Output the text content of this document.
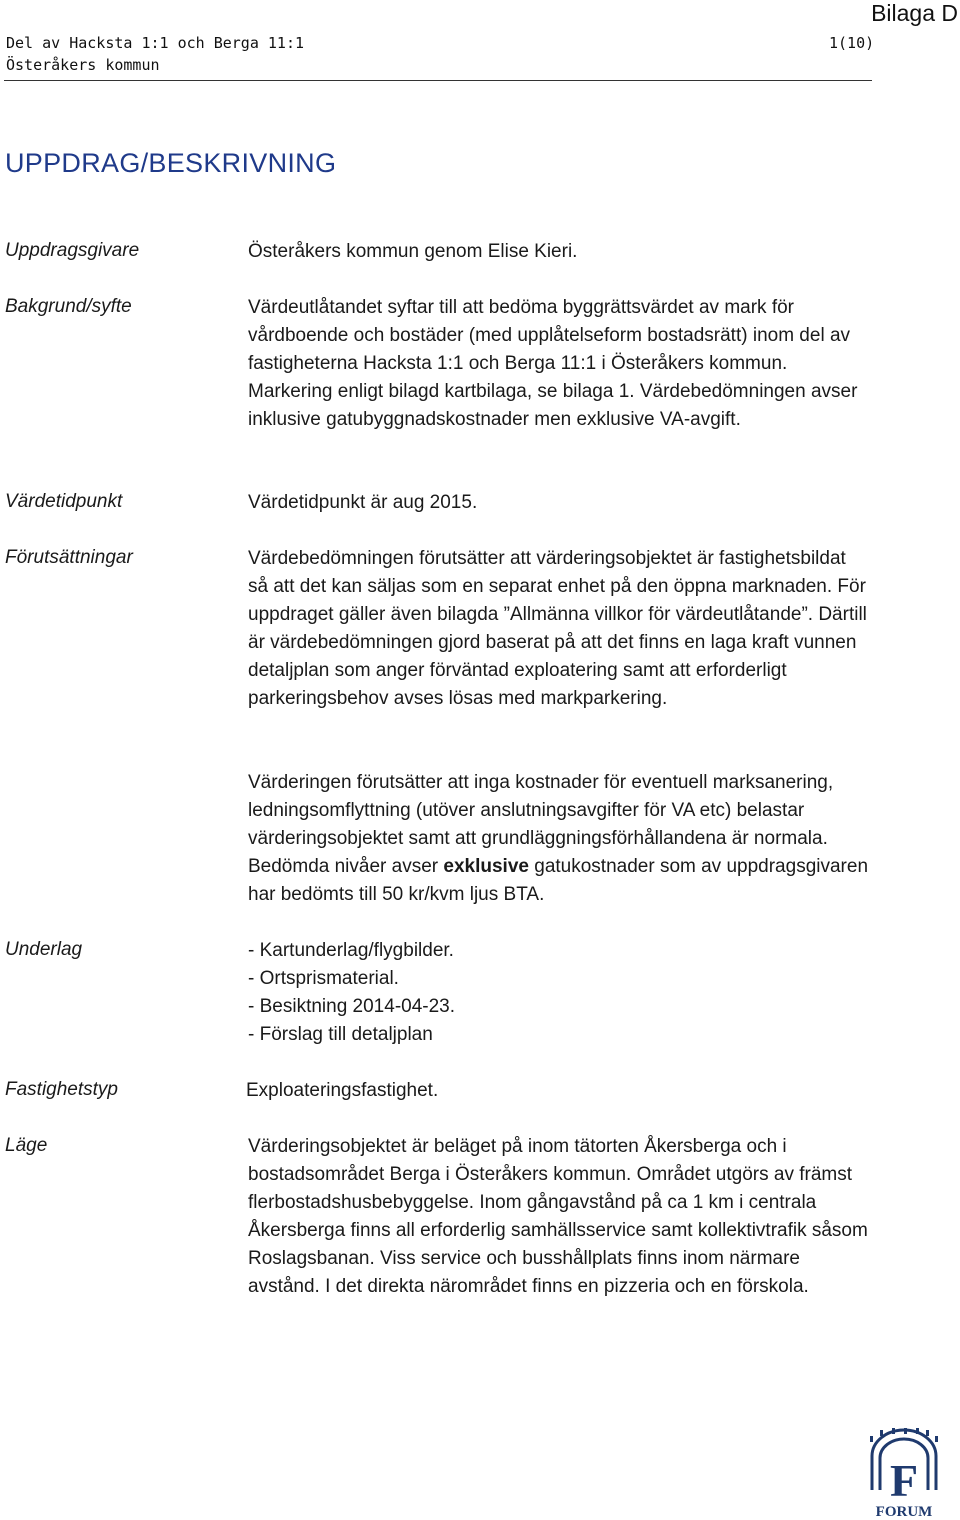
Bilaga D
Del av Hacksta 1:1 och Berga 11:1	1(10)
Österåkers kommun
UPPDRAG/BESKRIVNING
Uppdragsgivare	Österåkers kommun genom Elise Kieri.
Bakgrund/syfte	Värdeutlåtandet syftar till att bedöma byggrättsvärdet av mark för vårdboende och bostäder (med upplåtelseform bostadsrätt) inom del av fastigheterna Hacksta 1:1 och Berga 11:1 i Österåkers kommun. Markering enligt bilagd kartbilaga, se bilaga 1. Värdebedömningen avser inklusive gatubyggnadskostnader men exklusive VA-avgift.
Värdetidpunkt	Värdetidpunkt är aug 2015.
Förutsättningar	Värdebedömningen förutsätter att värderingsobjektet är fastighetsbildat så att det kan säljas som en separat enhet på den öppna marknaden. För uppdraget gäller även bilagda ”Allmänna villkor för värdeutlåtande”. Därtill är värdebedömningen gjord baserat på att det finns en laga kraft vunnen detaljplan som anger förväntad exploatering samt att erforderligt parkeringsbehov avses lösas med markparkering.
Värderingen förutsätter att inga kostnader för eventuell marksanering, ledningsomflyttning (utöver anslutningsavgifter för VA etc) belastar värderingsobjektet samt att grundläggningsförhållandena är normala. Bedömda nivåer avser exklusive gatukostnader som av uppdragsgivaren har bedömts till 50 kr/kvm ljus BTA.
Underlag	- Kartunderlag/flygbilder.
- Ortsprismaterial.
- Besiktning 2014-04-23.
- Förslag till detaljplan
Fastighetstyp	Exploateringsfastighet.
Läge	Värderingsobjektet är beläget på inom tätorten Åkersberga och i bostadsområdet Berga i Österåkers kommun. Området utgörs av främst flerbostadshusbebyggelse. Inom gångavstånd på ca 1 km i centrala Åkersberga finns all erforderlig samhällsservice samt kollektivtrafik såsom Roslagsbanan. Viss service och busshållplats finns inom närmare avstånd. I det direkta närområdet finns en pizzeria och en förskola.
F
FORUM
